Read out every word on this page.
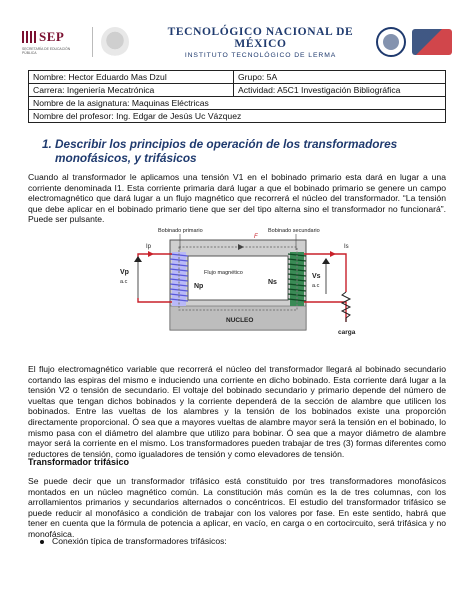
SEP
SECRETARÍA DE EDUCACIÓN PÚBLICA
TECNOLÓGICO NACIONAL DE MÉXICO
INSTITUTO TECNOLÓGICO DE LERMA
Nombre: Hector Eduardo Mas Dzul	Grupo: 5A
Carrera: Ingeniería Mecatrónica	Actividad: A5C1 Investigación Bibliográfica
Nombre de la asignatura: Maquinas Eléctricas	
Nombre del profesor: Ing. Edgar de Jesús Uc Vázquez	
1. Describir los principios de operación de los transformadores monofásicos, y trifásicos

Cuando al transformador le aplicamos una tensión V1 en el bobinado primario esta dará en lugar a una corriente denominada I1. Esta corriente primaria dará lugar a que el bobinado primario se genere un campo electromagnético que dará lugar a un flujo magnético que recorrerá el núcleo del transformador. “La tensión que debe aplicar en el bobinado primario tiene que ser del tipo alterna sino el transformador no funcionará”. Puede ser pulsante.

NUCLEO
Flujo magnético
F
Np
Ns
Bobinado primario	Bobinado secundario
Ip
Vp
a.c
Vs
a.c
Is
carga

El flujo electromagnético variable que recorrerá el núcleo del transformador llegará al bobinado secundario cortando las espiras del mismo e induciendo una corriente en dicho bobinado. Esta corriente dará lugar a la tensión V2 o tensión de secundario. El voltaje del bobinado secundario y primario depende del número de vueltas que tengan dichos bobinados y la corriente dependerá de la sección de alambre que utilicen los bobinados. Entre las vueltas de los alambres y la tensión de los bobinados existe una proporción directamente proporcional. Ó sea que a mayores vueltas de alambre mayor será la tensión en el bobinado, lo mismo pasa con el diámetro del alambre que utilizo para bobinar. Ó sea que a mayor diámetro de alambre mayor será la corriente en el mismo. Los transformadores pueden trabajar de tres (3) formas diferentes como reductores de tensión, como igualadores de tensión y como elevadores de tensión.

Transformador trifásico

Se puede decir que un transformador trifásico está constituido por tres transformadores monofásicos montados en un núcleo magnético común. La constitución más común es la de tres columnas, con los arrollamientos primarios y secundarios alternados o concéntricos. El estudio del transformador trifásico se puede reducir al monofásico a condición de trabajar con los valores por fase. En este sentido, habrá que tener en cuenta que la fórmula de potencia a aplicar, en vacío, en carga o en cortocircuito, será trifásica y no monofásica.

Conexión típica de transformadores trifásicos:
